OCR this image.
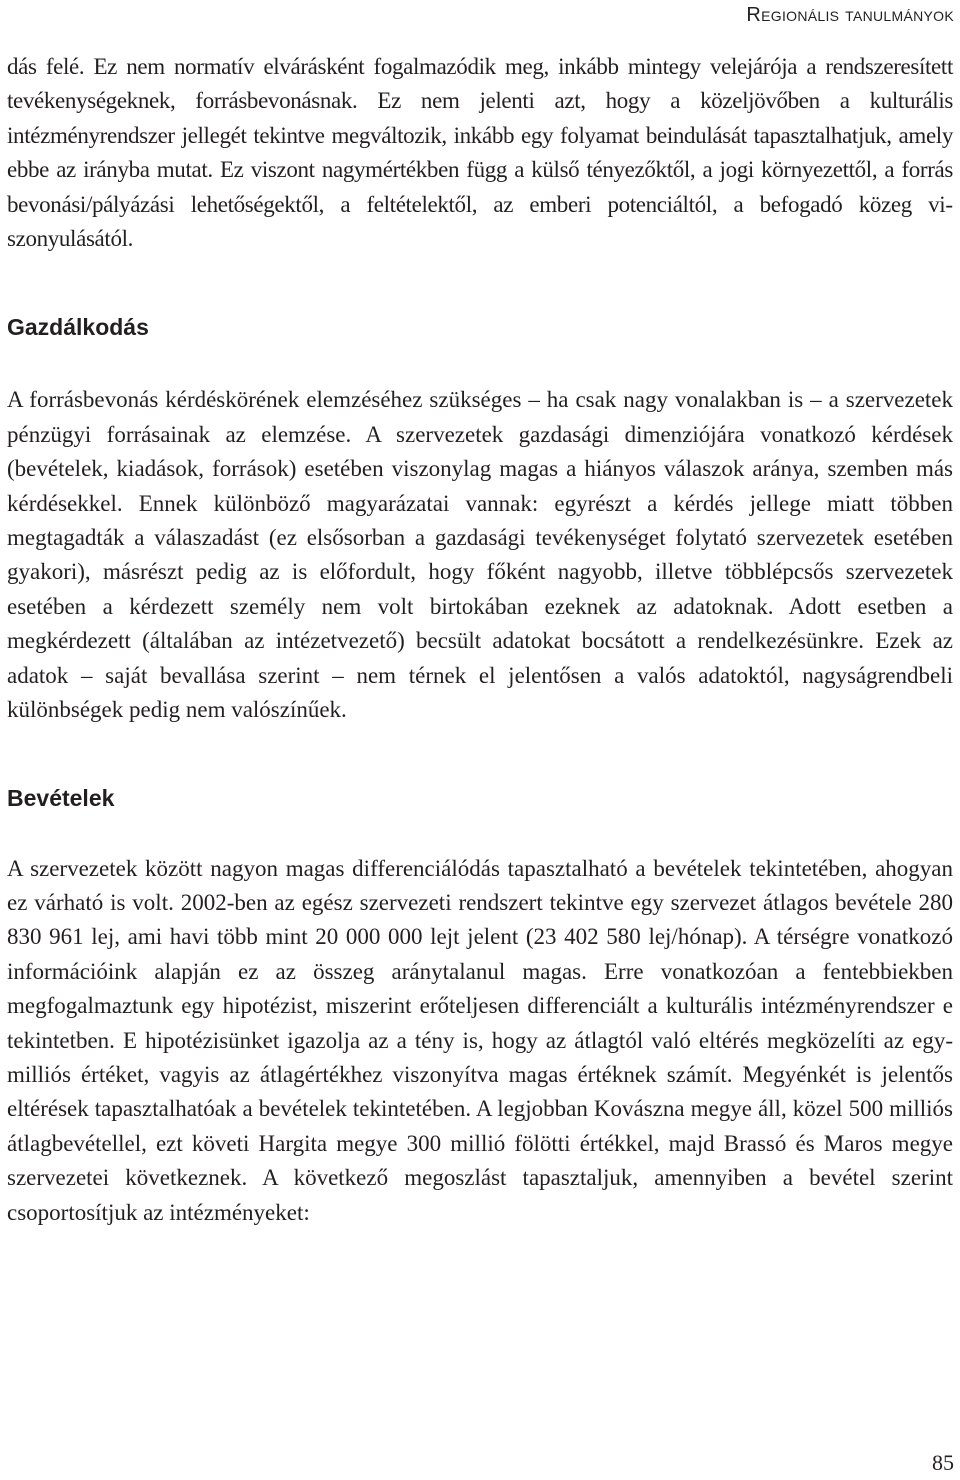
Regionális tanulmányok

dás felé. Ez nem normatív elvárásként fogalmazódik meg, inkább mintegy velejárója a rendszeresített tevékenységeknek, forrásbevonásnak. Ez nem jelenti azt, hogy a közeljövőben a kulturális intézményrendszer jellegét tekintve megváltozik, inkább egy folyamat beindulását tapasztalhatjuk, amely ebbe az irányba mutat. Ez viszont nagymértékben függ a külső tényezőktől, a jogi környezettől, a forrás bevonási/pályázási lehetőségektől, a feltételektől, az emberi potenciáltól, a befogadó közeg viszonyulásától.

Gazdálkodás

A forrásbevonás kérdéskörének elemzéséhez szükséges – ha csak nagy vonalakban is – a szervezetek pénzügyi forrásainak az elemzése. A szervezetek gazdasági dimenziójára vonatkozó kérdések (bevételek, kiadások, források) esetében viszonylag magas a hiányos válaszok aránya, szemben más kérdésekkel. Ennek különböző magyarázatai vannak: egyrészt a kérdés jellege miatt többen megtagadták a válaszadást (ez elsősorban a gazdasági tevékenységet folytató szervezetek esetében gyakori), másrészt pedig az is előfordult, hogy főként nagyobb, illetve többlépcsős szervezetek esetében a kérdezett személy nem volt birtokában ezeknek az adatoknak. Adott esetben a megkérdezett (általában az intézetvezető) becsült adatokat bocsátott a rendelkezésünkre. Ezek az adatok – saját bevallása szerint – nem térnek el jelentősen a valós adatoktól, nagyságrendbeli különbségek pedig nem valószínűek.

Bevételek

A szervezetek között nagyon magas differenciálódás tapasztalható a bevételek tekintetében, ahogyan ez várható is volt. 2002-ben az egész szervezeti rendszert tekintve egy szervezet átlagos bevétele 280 830 961 lej, ami havi több mint 20 000 000 lejt jelent (23 402 580 lej/hónap). A térségre vonatkozó információink alapján ez az összeg aránytalanul magas. Erre vonatkozóan a fentebbiekben megfogalmaztunk egy hipotézist, miszerint erőteljesen differenciált a kulturális intézményrendszer e tekintetben. E hipotézisünket igazolja az a tény is, hogy az átlagtól való eltérés megközelíti az egymilliós értéket, vagyis az átlagértékhez viszonyítva magas értéknek számít. Megyénkét is jelentős eltérések tapasztalhatóak a bevételek tekintetében. A legjobban Kovászna megye áll, közel 500 milliós átlagbevétellel, ezt követi Hargita megye 300 millió fölötti értékkel, majd Brassó és Maros megye szervezetei következnek. A következő megoszlást tapasztaljuk, amennyiben a bevétel szerint csoportosítjuk az intézményeket:

85
